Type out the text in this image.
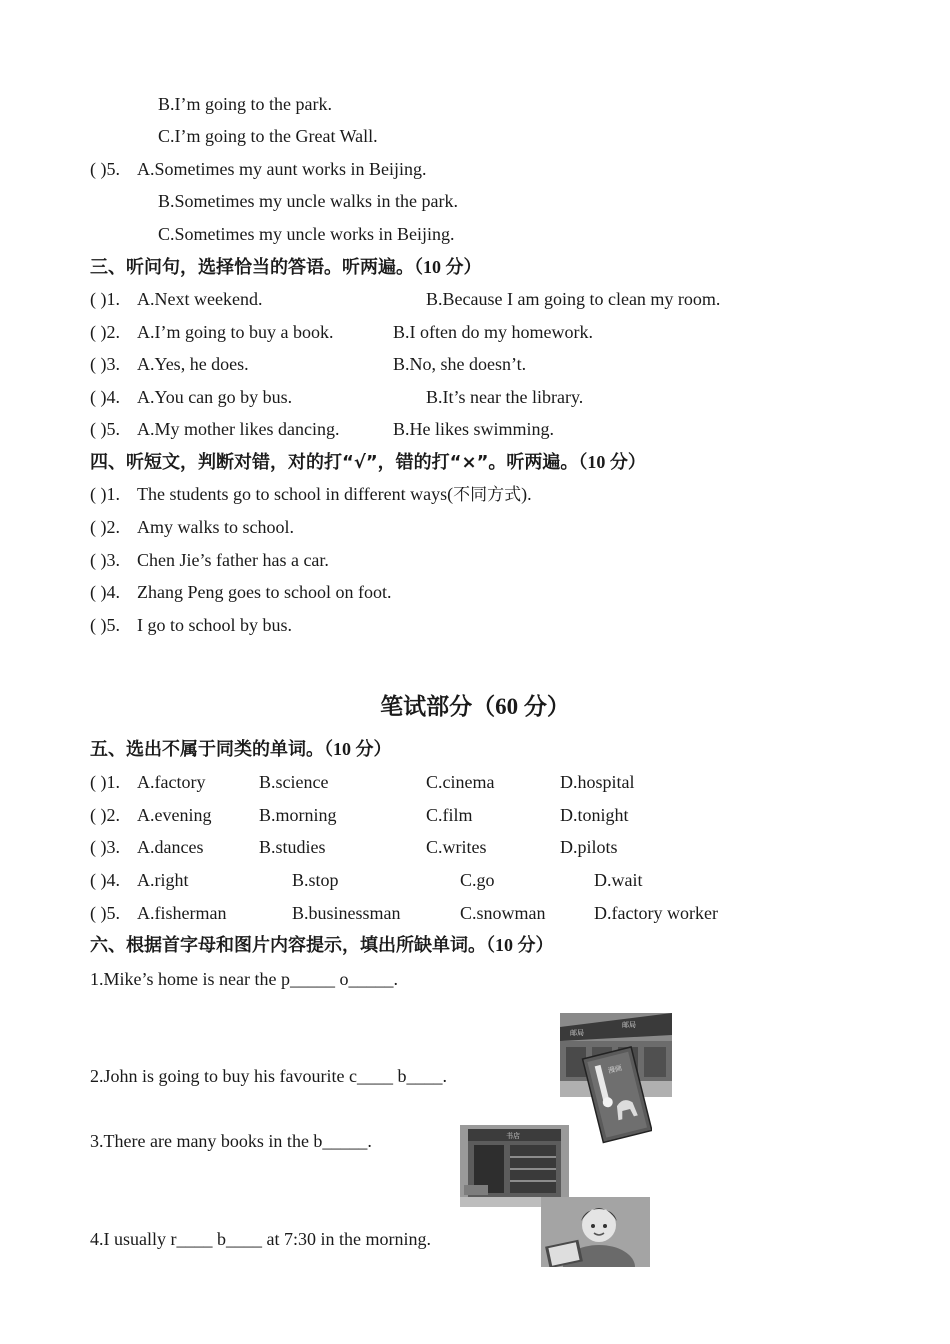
B.I’m going to the park.
C.I’m going to the Great Wall.
( )5. A.Sometimes my aunt works in Beijing.
B.Sometimes my uncle walks in the park.
C.Sometimes my uncle works in Beijing.
三、听问句，选择恰当的答语。听两遍。（10 分）
( )1. A.Next weekend.	B.Because I am going to clean my room.
( )2. A.I’m going to buy a book.	B.I often do my homework.
( )3. A.Yes, he does.	B.No, she doesn’t.
( )4. A.You can go by bus.	B.It’s near the library.
( )5. A.My mother likes dancing.	B.He likes swimming.
四、听短文，判断对错，对的打“√”，错的打“×”。听两遍。（10 分）
( )1. The students go to school in different ways(不同方式).
( )2. Amy walks to school.
( )3. Chen Jie’s father has a car.
( )4. Zhang Peng goes to school on foot.
( )5. I go to school by bus.
笔试部分（60 分）
五、选出不属于同类的单词。（10 分）
( )1. A.factory	B.science	C.cinema	D.hospital
( )2. A.evening	B.morning	C.film	D.tonight
( )3. A.dances	B.studies	C.writes	D.pilots
( )4. A.right	B.stop	C.go	D.wait
( )5. A.fisherman	B.businessman	C.snowman	D.factory worker
六、根据首字母和图片内容提示，填出所缺单词。（10 分）
1.Mike’s home is near the p_____ o_____.
2.John is going to buy his favourite c____ b____.
3.There are many books in the b_____.
4.I usually r____ b____ at 7:30 in the morning.
邮局
邮局
漫画
书店
